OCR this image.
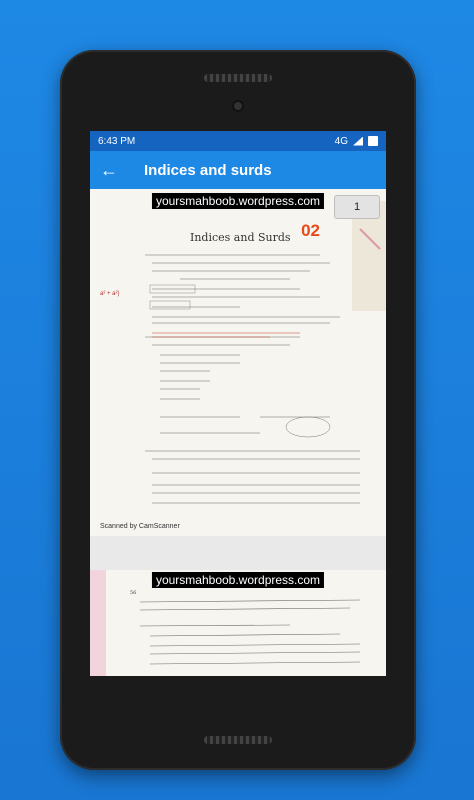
6:43 PM	4G
←	Indices and surds
1
yoursmahboob.wordpress.com
02
Indices and Surds
a² + a²)
Scanned by CamScanner
yoursmahboob.wordpress.com
56
